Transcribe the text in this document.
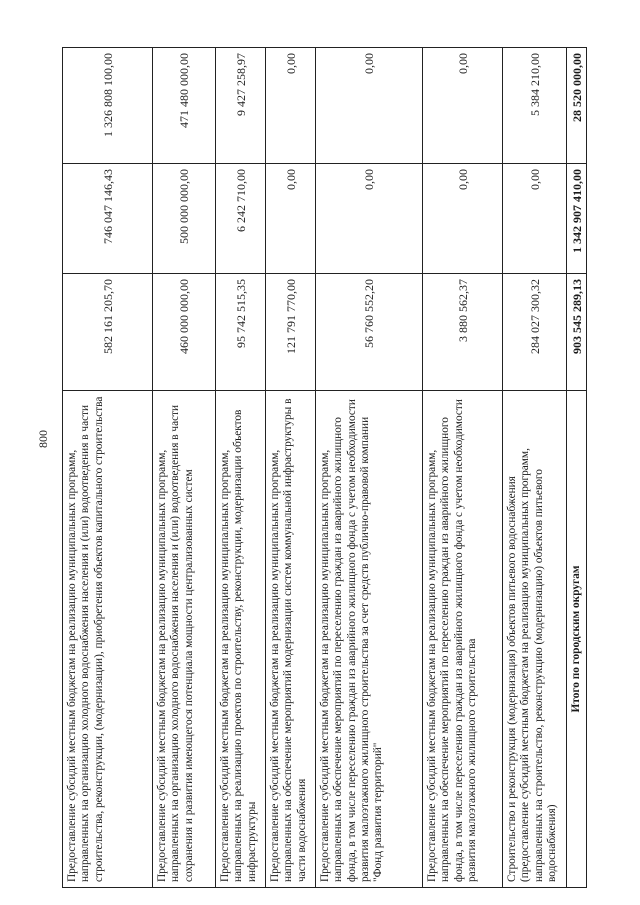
800
Предоставление субсидий местным бюджетам на реализацию муниципальных программ, направленных на организацию холодного водоснабжения населения и (или) водоотведения в части строительства, реконструкции, (модернизации), приобретения объектов капитального строительства	582 161 205,70	746 047 146,43	1 326 808 100,00
Предоставление субсидий местным бюджетам на реализацию муниципальных программ, направленных на организацию холодного водоснабжения населения и (или) водоотведения в части сохранения и развития имеющегося потенциала мощности централизованных систем	460 000 000,00	500 000 000,00	471 480 000,00
Предоставление субсидий местным бюджетам на реализацию муниципальных программ, направленных на реализацию проектов по строительству, реконструкции, модернизации объектов инфраструктуры	95 742 515,35	6 242 710,00	9 427 258,97
Предоставление субсидий местным бюджетам на реализацию муниципальных программ, направленных на обеспечение мероприятий модернизации систем коммунальной инфраструктуры в части водоснабжения	121 791 770,00	0,00	0,00
Предоставление субсидий местным бюджетам на реализацию муниципальных программ, направленных на обеспечение мероприятий по переселению граждан из аварийного жилищного фонда, в том числе переселению граждан из аварийного жилищного фонда с учетом необходимости развития малоэтажного жилищного строительства за счет средств публично-правовой компании "Фонд развития территорий"	56 760 552,20	0,00	0,00
Предоставление субсидий местным бюджетам на реализацию муниципальных программ, направленных на обеспечение мероприятий по переселению граждан из аварийного жилищного фонда, в том числе переселению граждан из аварийного жилищного фонда с учетом необходимости развития малоэтажного жилищного строительства	3 880 562,37	0,00	0,00
Строительство и реконструкция (модернизация) объектов питьевого водоснабжения (предоставление субсидий местным бюджетам на реализацию муниципальных программ, направленных на строительство, реконструкцию (модернизацию) объектов питьевого водоснабжения)	284 027 300,32	0,00	5 384 210,00
Итого по городским округам	903 545 289,13	1 342 907 410,00	28 520 000,00
